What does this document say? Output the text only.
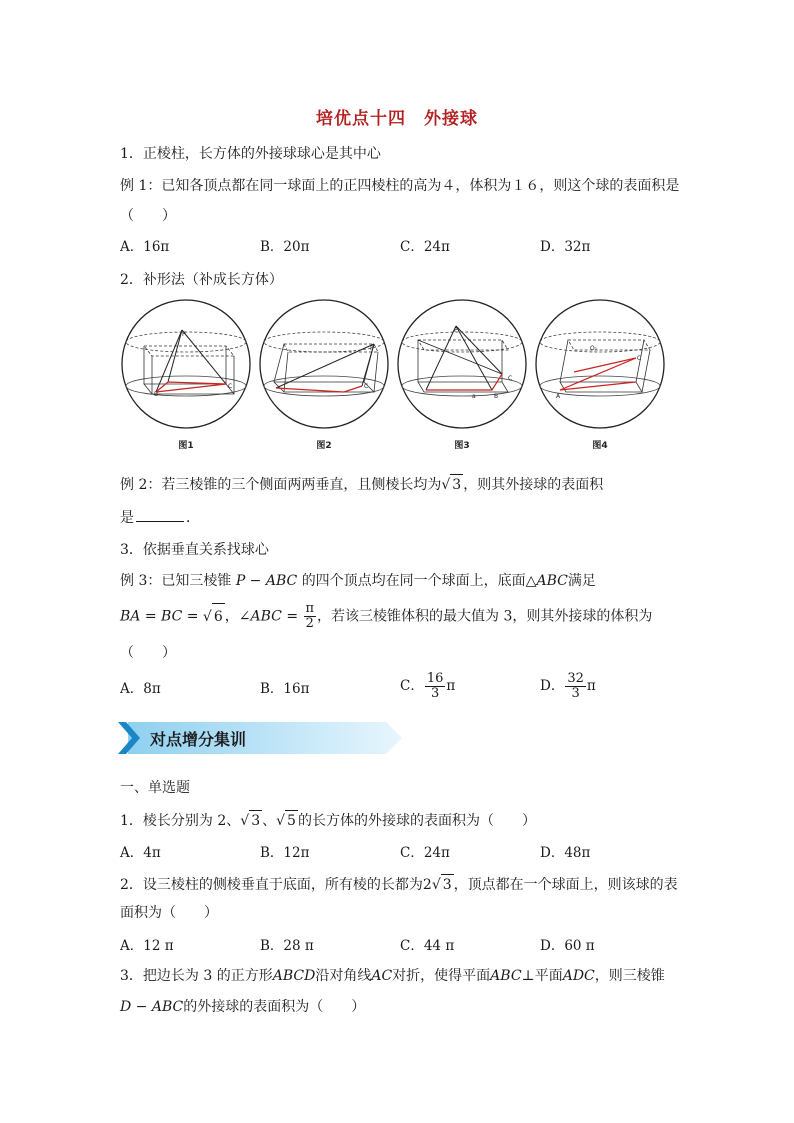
培优点十四　外接球
1．正棱柱，长方体的外接球球心是其中心
例 1：已知各顶点都在同一球面上的正四棱柱的高为４，体积为１６，则这个球的表面积是
（　　）
A．16π	B．20π	C．24π	D．32π
2．补形法（补成长方体）
P
B
C
P
C
P
C
B
a
O₁
A
C
图1	图2	图3	图4
例 2：若三棱锥的三个侧面两两垂直，且侧棱长均为√ 3 ，则其外接球的表面积
是	．
3．依据垂直关系找球心
例 3：已知三棱锥 P − ABC 的四个顶点均在同一个球面上，底面△ABC满足
BA = BC = √ 6 ，∠ABC = $\frac{\pi}{2}$ ，若该三棱锥体积的最大值为 3，则其外接球的体积为
（　　）
A．8π	B．16π	C． $\frac{16}{3}$ π	D． $\frac{32}{3}$ π
对点增分集训
一、单选题
1．棱长分别为 2、√ 3 、√ 5 的长方体的外接球的表面积为（　　）
A．4π	B．12π	C．24π	D．48π
2．设三棱柱的侧棱垂直于底面，所有棱的长都为2√ 3 ，顶点都在一个球面上，则该球的表
面积为（　　）
A．12 π	B．28 π	C．44 π	D．60 π
3．把边长为 3 的正方形ABCD沿对角线AC对折，使得平面ABC⊥平面ADC，则三棱锥
D − ABC的外接球的表面积为（　　）
